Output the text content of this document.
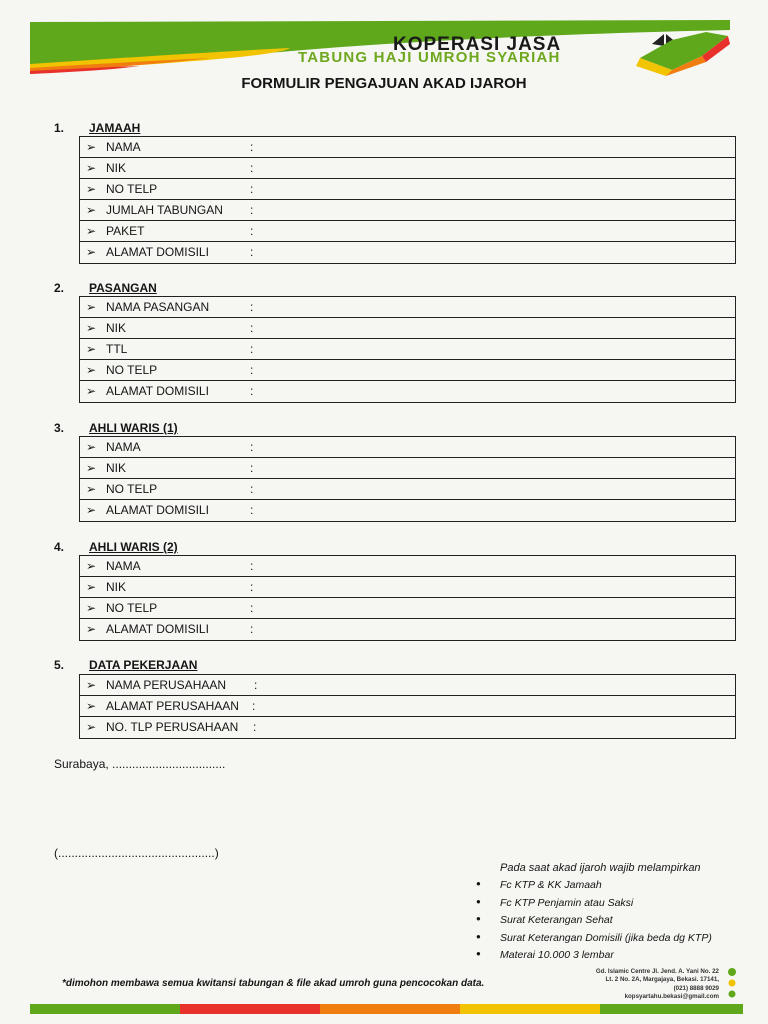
KOPERASI JASA
TABUNG HAJI UMROH SYARIAH
FORMULIR PENGAJUAN AKAD IJAROH
1. JAMAAH
➢ NAMA	:
➢ NIK	:
➢ NO TELP	:
➢ JUMLAH TABUNGAN :
➢ PAKET	:
➢ ALAMAT DOMISILI	:
2. PASANGAN
➢ NAMA PASANGAN	:
➢ NIK	:
➢ TTL	:
➢ NO TELP	:
➢ ALAMAT DOMISILI	:
3. AHLI WARIS (1)
➢ NAMA	:
➢ NIK	:
➢ NO TELP	:
➢ ALAMAT DOMISILI	:
4. AHLI WARIS (2)
➢ NAMA	:
➢ NIK	:
➢ NO TELP	:
➢ ALAMAT DOMISILI	:
5. DATA PEKERJAAN
➢ NAMA PERUSAHAAN :
➢ ALAMAT PERUSAHAAN :
➢ NO. TLP PERUSAHAAN :
Surabaya, ..................................
(...............................................)
Pada saat akad ijaroh wajib melampirkan
● Fc KTP & KK Jamaah
● Fc KTP Penjamin atau Saksi
● Surat Keterangan Sehat
● Surat Keterangan Domisili (jika beda dg KTP)
● Materai 10.000 3 lembar
*dimohon membawa semua kwitansi tabungan & file akad umroh guna pencocokan data.
Gd. Islamic Centre Jl. Jend. A. Yani No. 22
Lt. 2 No. 2A, Margajaya, Bekasi. 17141,
(021) 8888 9029
kopsyartahu.bekasi@gmail.com
